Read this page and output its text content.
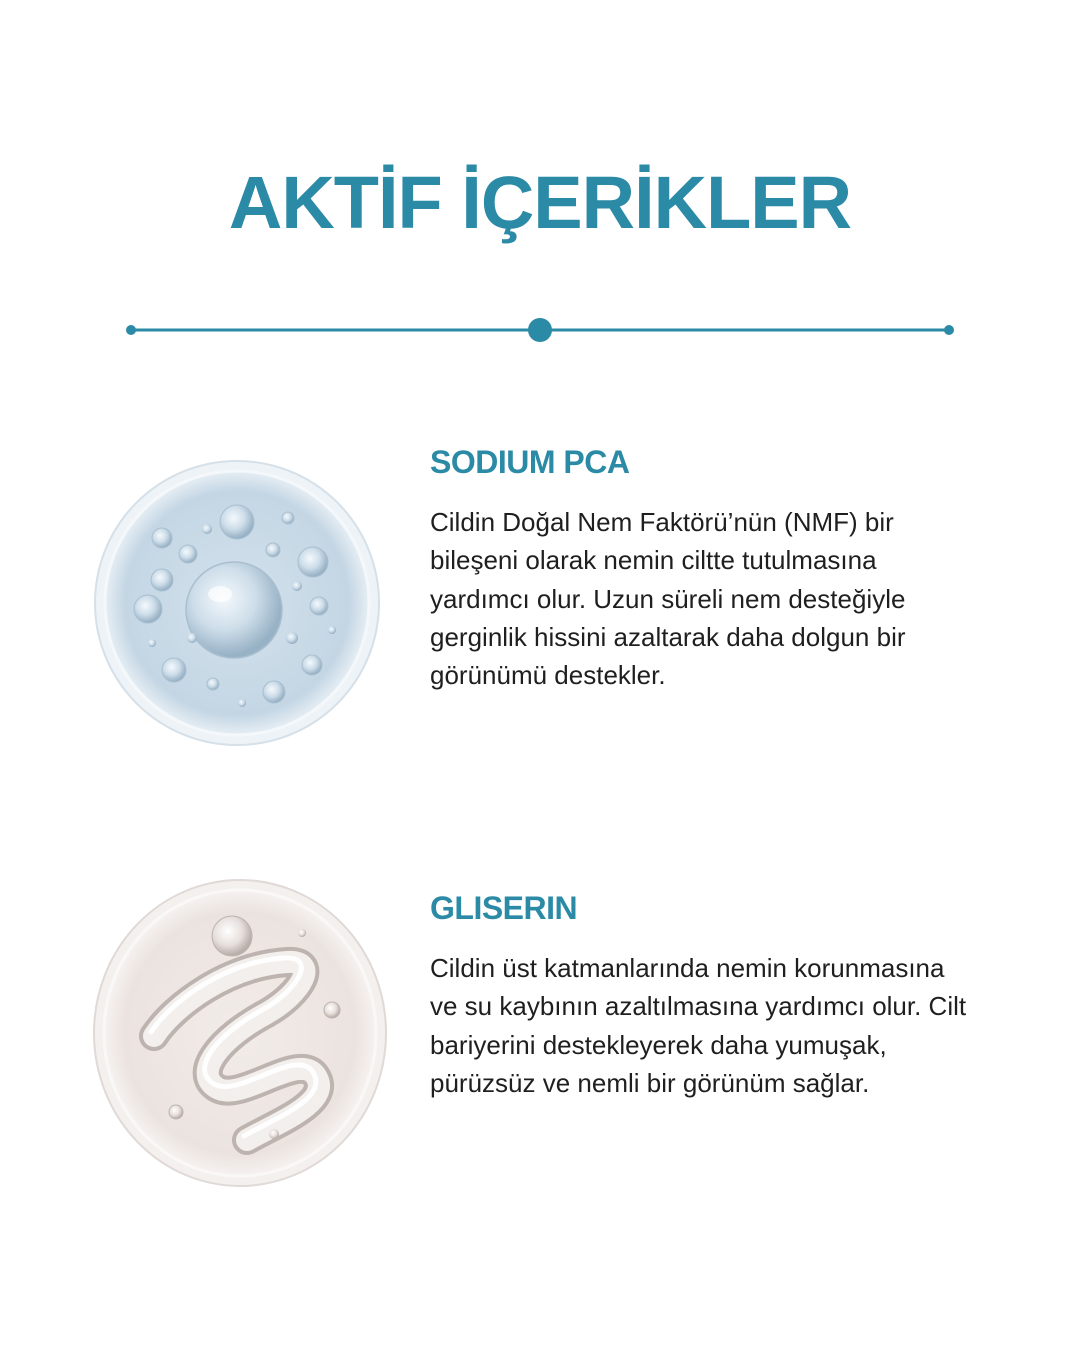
AKTİF İÇERİKLER
SODIUM PCA

Cildin Doğal Nem Faktörü’nün (NMF) bir bileşeni olarak nemin ciltte tutulmasına yardımcı olur. Uzun süreli nem desteğiyle gerginlik hissini azaltarak daha dolgun bir görünümü destekler.

GLISERIN

Cildin üst katmanlarında nemin korunmasına ve su kaybının azaltılmasına yardımcı olur. Cilt bariyerini destekleyerek daha yumuşak, pürüzsüz ve nemli bir görünüm sağlar.
